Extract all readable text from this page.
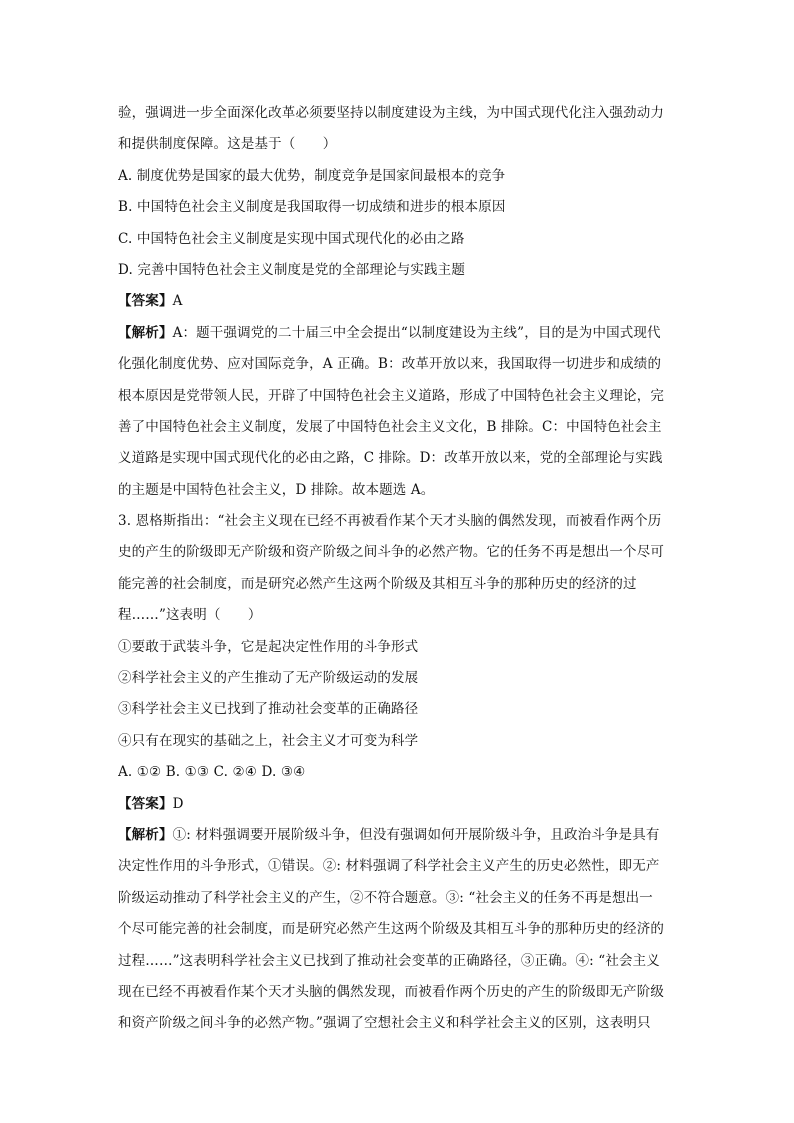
验，强调进一步全面深化改革必须要坚持以制度建设为主线，为中国式现代化注入强劲动力
和提供制度保障。这是基于（　　）
A. 制度优势是国家的最大优势，制度竞争是国家间最根本的竞争
B. 中国特色社会主义制度是我国取得一切成绩和进步的根本原因
C. 中国特色社会主义制度是实现中国式现代化的必由之路
D. 完善中国特色社会主义制度是党的全部理论与实践主题
【答案】A
【解析】A：题干强调党的二十届三中全会提出“以制度建设为主线”，目的是为中国式现代
化强化制度优势、应对国际竞争，A 正确。B：改革开放以来，我国取得一切进步和成绩的
根本原因是党带领人民，开辟了中国特色社会主义道路，形成了中国特色社会主义理论，完
善了中国特色社会主义制度，发展了中国特色社会主义文化，B 排除。C：中国特色社会主
义道路是实现中国式现代化的必由之路，C 排除。D：改革开放以来，党的全部理论与实践
的主题是中国特色社会主义，D 排除。故本题选 A。
3. 恩格斯指出：“社会主义现在已经不再被看作某个天才头脑的偶然发现，而被看作两个历
史的产生的阶级即无产阶级和资产阶级之间斗争的必然产物。它的任务不再是想出一个尽可
能完善的社会制度，而是研究必然产生这两个阶级及其相互斗争的那种历史的经济的过
程……”这表明（　　）
①要敢于武装斗争，它是起决定性作用的斗争形式
②科学社会主义的产生推动了无产阶级运动的发展
③科学社会主义已找到了推动社会变革的正确路径
④只有在现实的基础之上，社会主义才可变为科学
A. ①② B. ①③ C. ②④ D. ③④
【答案】D
【解析】①: 材料强调要开展阶级斗争，但没有强调如何开展阶级斗争，且政治斗争是具有
决定性作用的斗争形式，①错误。②: 材料强调了科学社会主义产生的历史必然性，即无产
阶级运动推动了科学社会主义的产生，②不符合题意。③: “社会主义的任务不再是想出一
个尽可能完善的社会制度，而是研究必然产生这两个阶级及其相互斗争的那种历史的经济的
过程……”这表明科学社会主义已找到了推动社会变革的正确路径，③正确。④: “社会主义
现在已经不再被看作某个天才头脑的偶然发现，而被看作两个历史的产生的阶级即无产阶级
和资产阶级之间斗争的必然产物。”强调了空想社会主义和科学社会主义的区别，这表明只
